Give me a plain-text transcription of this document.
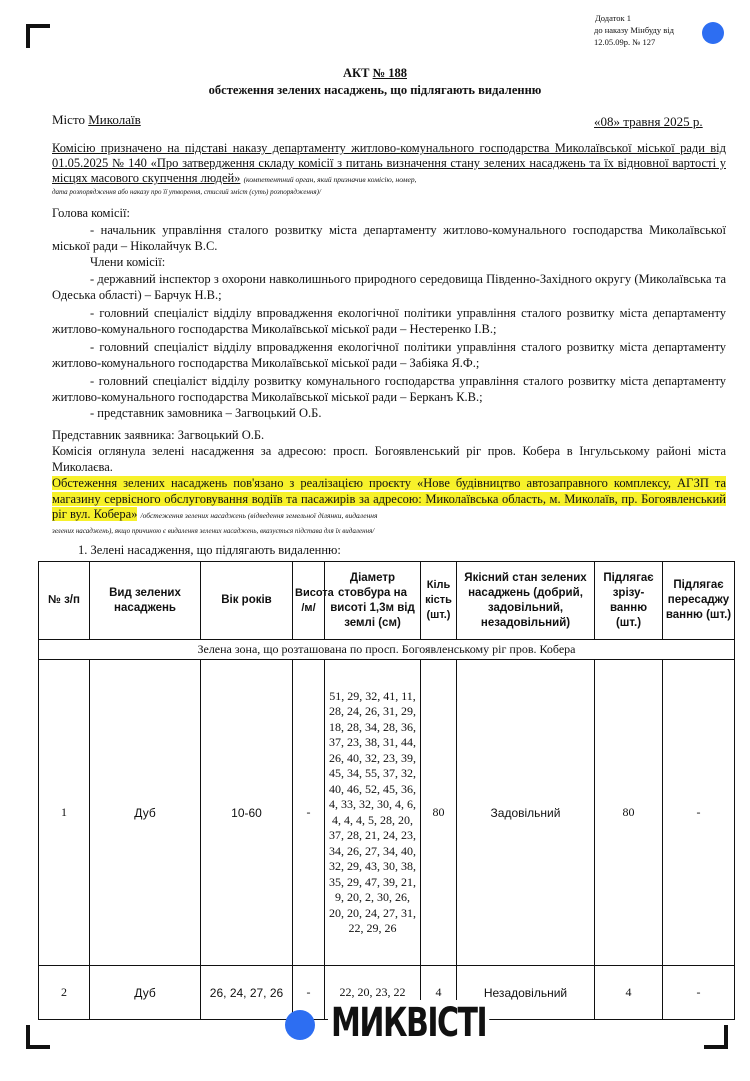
Додаток 1
до наказу Мінбуду від
12.05.09р. № 127
АКТ № 188
обстеження зелених насаджень, що підлягають видаленню
Місто Миколаїв	«08» травня 2025 р.
Комісію призначено на підставі наказу департаменту житлово-комунального господарства Миколаївської міської ради від 01.05.2025 № 140 «Про затвердження складу комісії з питань визначення стану зелених насаджень та їх відновної вартості у місцях масового скупчення людей» (компетентний орган, який призначив комісію, номер,
дата розпорядження або наказу про її утворення, стислий зміст (суть) розпорядження)/
Голова комісії:
- начальник управління сталого розвитку міста департаменту житлово-комунального господарства Миколаївської міської ради – Ніколайчук В.С.
Члени комісії:
- державний інспектор з охорони навколишнього природного середовища Південно-Західного округу (Миколаївська та Одеська області) – Барчук Н.В.;
- головний спеціаліст відділу впровадження екологічної політики управління сталого розвитку міста департаменту житлово-комунального господарства Миколаївської міської ради – Нестеренко І.В.;
- головний спеціаліст відділу впровадження екологічної політики управління сталого розвитку міста департаменту житлово-комунального господарства Миколаївської міської ради – Забіяка Я.Ф.;
- головний спеціаліст відділу розвитку комунального господарства управління сталого розвитку міста департаменту житлово-комунального господарства Миколаївської міської ради – Берканъ К.В.;
- представник замовника – Загвоцький О.Б.
Представник заявника: Загвоцький О.Б.
Комісія оглянула зелені насадження за адресою: просп. Богоявленський ріг пров. Кобера в Інгульському районі міста Миколаєва.
Обстеження зелених насаджень пов'язано з реалізацією проєкту «Нове будівництво автозаправного комплексу, АГЗП та магазину сервісного обслуговування водіїв та пасажирів за адресою: Миколаївська область, м. Миколаїв, пр. Богоявленський ріг вул. Кобера» /обстеження зелених насаджень (відведення земельної ділянки, видалення
зелених насаджень), якщо причиною є видалення зелених насаджень, вказується підстава для їх видалення/
1. Зелені насадження, що підлягають видаленню:
№ з/п	Вид зелених насаджень	Вік років	Висота /м/	Діаметр стовбура на висоті 1,3м від землі (см)	Кіль кість (шт.)	Якісний стан зелених насаджень (добрий, задовільний, незадовільний)	Підлягає зрізу- ванню (шт.)	Підлягає пересаджу ванню (шт.)
Зелена зона, що розташована по просп. Богоявленському ріг пров. Кобера								
1	Дуб	10-60	-	51, 29, 32, 41, 11, 28, 24, 26, 31, 29, 18, 28, 34, 28, 36, 37, 23, 38, 31, 44, 26, 40, 32, 23, 39, 45, 34, 55, 37, 32, 40, 46, 52, 45, 36, 4, 33, 32, 30, 4, 6, 4, 4, 4, 5, 28, 20, 37, 28, 21, 24, 23, 34, 26, 27, 34, 40, 32, 29, 43, 30, 38, 35, 29, 47, 39, 21, 9, 20, 2, 30, 26, 20, 20, 24, 27, 31, 22, 29, 26	80	Задовільний	80	-
2	Дуб	26, 24, 27, 26	-	22, 20, 23, 22	4	Незадовільний	4	-
МИКВІСТІ
